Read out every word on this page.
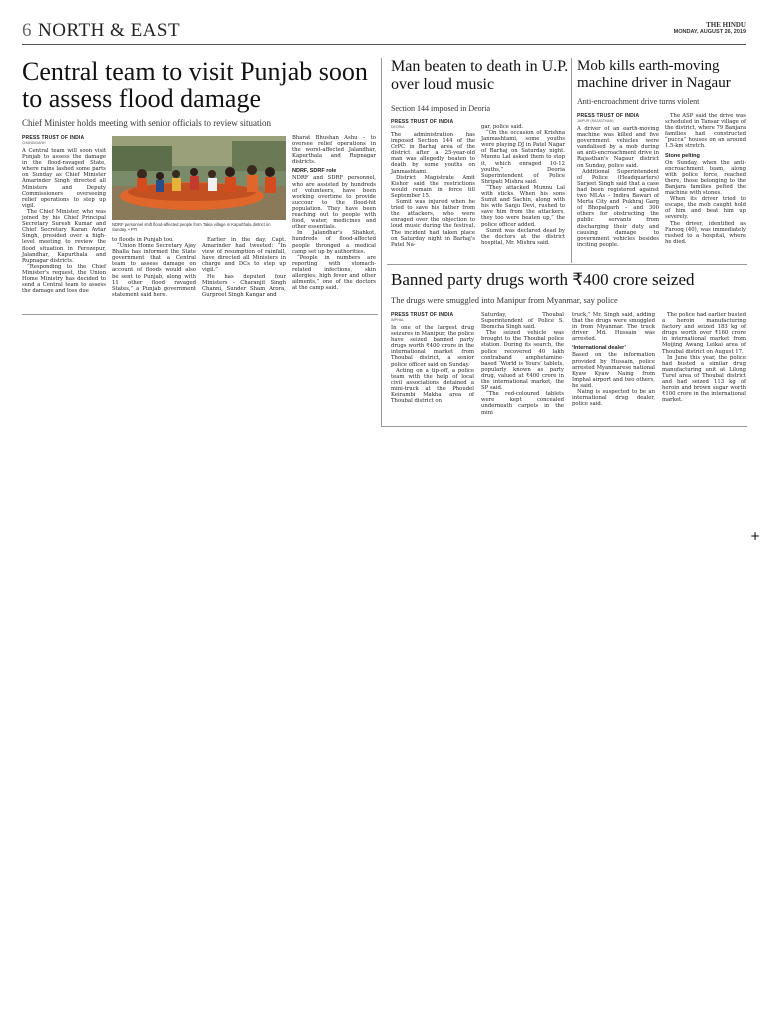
6 NORTH & EAST	THE HINDU
MONDAY, AUGUST 26, 2019
Central team to visit Punjab soon to assess flood damage
Chief Minister holds meeting with senior officials to review situation
PRESS TRUST OF INDIA
CHANDIGARH

A Central team will soon visit Punjab to assess the damage in the flood-ravaged State, where rains lashed some parts on Sunday as Chief Minister Amarinder Singh directed all Ministers and Deputy Commissioners overseeing relief operations to step up vigil.

The Chief Minister, who was joined by his Chief Principal Secretary Suresh Kumar and Chief Secretary Karan Avtar Singh, presided over a high-level meeting to review the flood situation in Ferozepur, Jalandhar, Kapurthala and Rupnagar districts.

“Responding to the Chief Minister's request, the Union Home Ministry has decided to send a Central team to assess the damage and loss due

NDRF personnel shift flood-affected people from Takia village in Kapurthala district on Sunday. • PTI

to floods in Punjab too.

“Union Home Secretary Ajay Bhalla has informed the State government that a Central team to assess damage on account of floods would also be sent to Punjab, along with 11 other flood ravaged States,” a Punjab government statement said here.

Earlier in the day, Capt. Amarinder had tweeted: “In view of resumption of rainfall, have directed all Ministers in charge and DCs to step up vigil.”

He has deputed four Ministers – Charanjit Singh Channi, Sunder Sham Arora, Gurpreet Singh Kangar and

Bharat Bhushan Ashu – to oversee relief operations in the worst-affected Jalandhar, Kapurthala and Rupnagar districts.

NDRF, SDRF role

NDRF and SDRF personnel, who are assisted by hundreds of volunteers, have been working overtime to provide succour to the flood-hit population. They have been reaching out to people with food, water, medicines and other essentials.

In Jalandhar's Shahkot, hundreds of flood-affected people thronged a medical camp set up by authorities.

“People in numbers are reporting with stomach-related infections, skin allergies, high fever and other ailments,” one of the doctors at the camp said.

Man beaten to death in U.P. over loud music
Section 144 imposed in Deoria
PRESS TRUST OF INDIA
DEORIA

The administration has imposed Section 144 of the CrPC in Barhaj area of the district after a 25-year-old man was allegedly beaten to death by some youths on Janmashtami.

District Magistrate Amit Kishor said the restrictions would remain in force till September 15.

Sumit was injured when he tried to save his father from the attackers, who were enraged over the objection to loud music during the festival. The incident had taken place on Saturday night in Barhaj's Patel Na-

gar, police said.

“On the occasion of Krishna Janmashtami, some youths were playing DJ in Patel Nagar of Barhaj on Saturday night. Munnu Lal asked them to stop it, which enraged 10-12 youths,” Deoria Superintendent of Police Shripati Mishra said.

“They attacked Munnu Lal with sticks. When his sons Sumit and Sachin, along with his wife Sanju Devi, rushed to save him from the attackers, they too were beaten up,” the police officer added.

Sumit was declared dead by the doctors at the district hospital, Mr. Mishra said.

Mob kills earth-moving machine driver in Nagaur
Anti-encroachment drive turns violent
PRESS TRUST OF INDIA
JAIPUR (RAJASTHAN)

A driver of an earth-moving machine was killed and five government vehicles were vandalised by a mob during an anti-encroachment drive in Rajasthan's Nagaur district on Sunday, police said.

Additional Superintendent of Police (Headquarters) Sarjeet Singh said that a case had been registered against two MLAs – Indira Bawari of Merta City and Pukhraj Garg of Bhopalgarh – and 300 others for obstructing the public servants from discharging their duty and causing damage to government vehicles besides inciting people.

The ASP said the drive was scheduled in Tansar village of the district, where 79 Banjara families had constructed “pucca” houses on an around 1.5-km stretch.

Stone pelting

On Sunday, when the anti-encroachment team, along with police force, reached there, those belonging to the Banjara families pelted the machine with stones.

When its driver tried to escape, the mob caught hold of him and beat him up severely.

The driver, identified as Farooq (40), was immediately rushed to a hospital, where he died.

Banned party drugs worth ₹400 crore seized
The drugs were smuggled into Manipur from Myanmar, say police
PRESS TRUST OF INDIA
IMPHAL

In one of the largest drug seizures in Manipur, the police have seized banned party drugs worth ₹400 crore in the international market from Thoubal district, a senior police officer said on Sunday.

Acting on a tip-off, a police team with the help of local civil associations detained a mini-truck at the Phoudel Keirambi Makha area of Thoubal district on

Saturday, Thoubal Superintendent of Police S. Ibomcha Singh said.

The seized vehicle was brought to the Thoubal police station. During its search, the police recovered 40 lakh contraband amphetamine-based ‘World is Yours’ tablets, popularly known as party drug, valued at ₹400 crore in the international market, the SP said.

“The red-coloured tablets were kept concealed underneath carpets in the mini

truck,” Mr. Singh said, adding that the drugs were smuggled in from Myanmar. The truck driver Md. Hussain was arrested.

‘International dealer’

Based on the information provided by Hussain, police arrested Myanmarese national Kyaw Kyaw Naing from Imphal airport and two others, he said.

Naing is suspected to be an international drug dealer, police said.

The police had earlier busted a heroin manufacturing factory and seized 183 kg of drugs worth over ₹160 crore in international market from Moijing Awang Leikai area of Thoubal district on August 17.

In June this year, the police had busted a similar drug manufacturing unit at Lilong Turel area of Thoubal district and had seized 113 kg of heroin and brown sugar worth ₹100 crore in the international market.

+
